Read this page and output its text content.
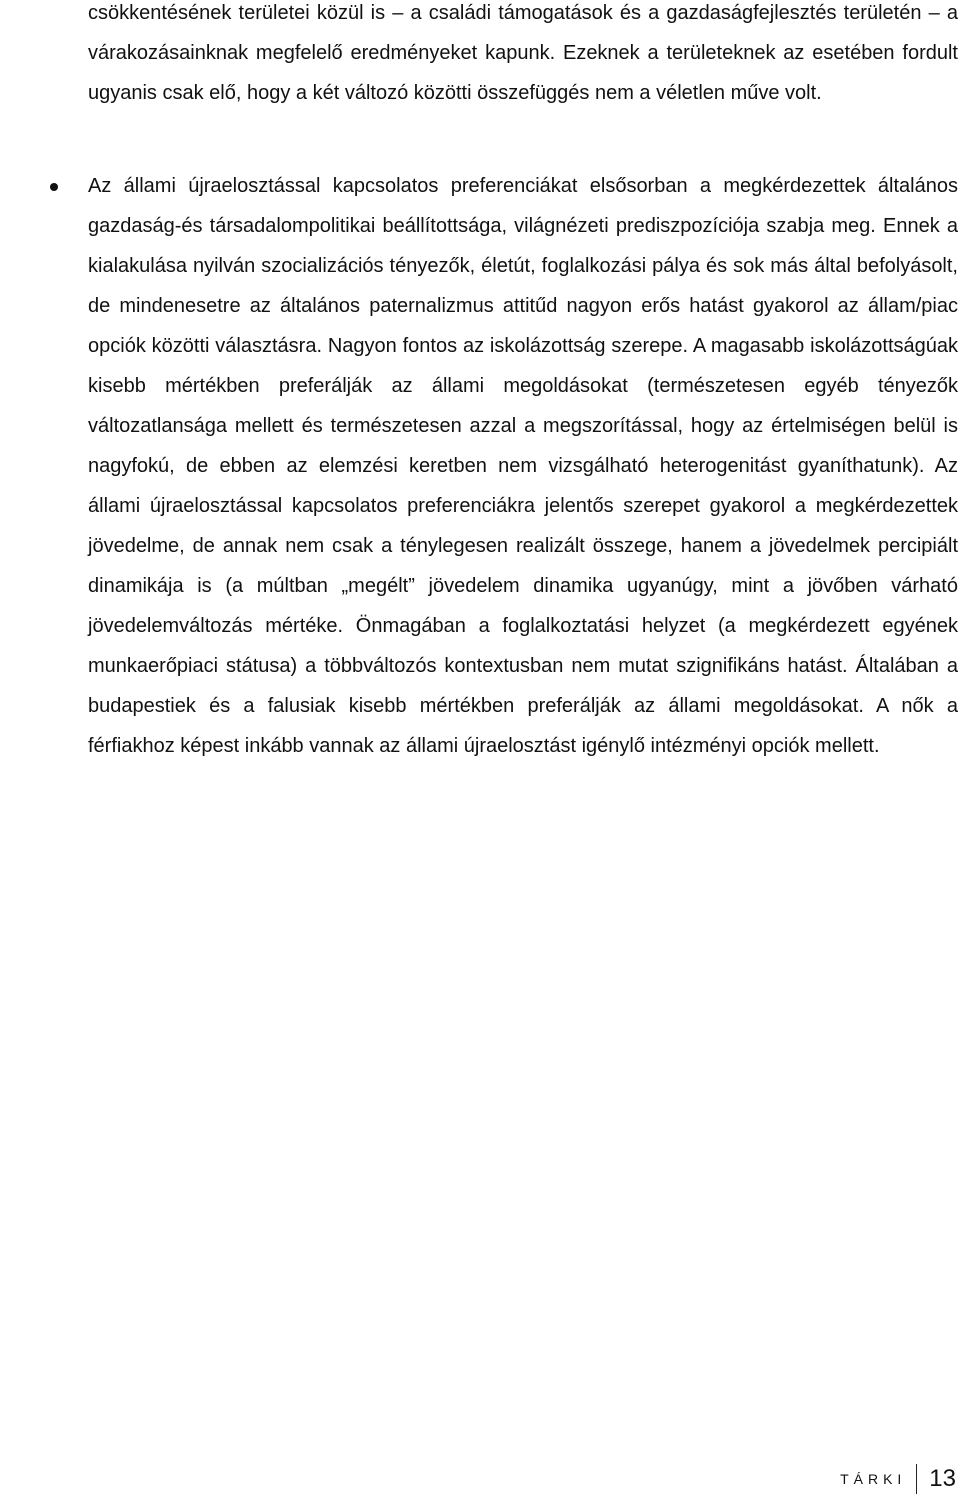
csökkentésének területei közül is – a családi támogatások és a gazdaságfejlesztés területén – a várakozásainknak megfelelő eredményeket kapunk. Ezeknek a területeknek az esetében fordult ugyanis csak elő, hogy a két változó közötti összefüggés nem a véletlen műve volt.

Az állami újraelosztással kapcsolatos preferenciákat elsősorban a megkérdezettek általános gazdaság-és társadalompolitikai beállítottsága, világnézeti prediszpozíciója szabja meg. Ennek a kialakulása nyilván szocializációs tényezők, életút, foglalkozási pálya és sok más által befolyásolt, de mindenesetre az általános paternalizmus attitűd nagyon erős hatást gyakorol az állam/piac opciók közötti választásra. Nagyon fontos az iskolázottság szerepe. A magasabb iskolázottságúak kisebb mértékben preferálják az állami megoldásokat (természetesen egyéb tényezők változatlansága mellett és természetesen azzal a megszorítással, hogy az értelmiségen belül is nagyfokú, de ebben az elemzési keretben nem vizsgálható heterogenitást gyaníthatunk). Az állami újraelosztással kapcsolatos preferenciákra jelentős szerepet gyakorol a megkérdezettek jövedelme, de annak nem csak a ténylegesen realizált összege, hanem a jövedelmek percipiált dinamikája is (a múltban „megélt” jövedelem dinamika ugyanúgy, mint a jövőben várható jövedelemváltozás mértéke. Önmagában a foglalkoztatási helyzet (a megkérdezett egyének munkaerőpiaci státusa) a többváltozós kontextusban nem mutat szignifikáns hatást. Általában a budapestiek és a falusiak kisebb mértékben preferálják az állami megoldásokat. A nők a férfiakhoz képest inkább vannak az állami újraelosztást igénylő intézményi opciók mellett.

TÁRKI 13
